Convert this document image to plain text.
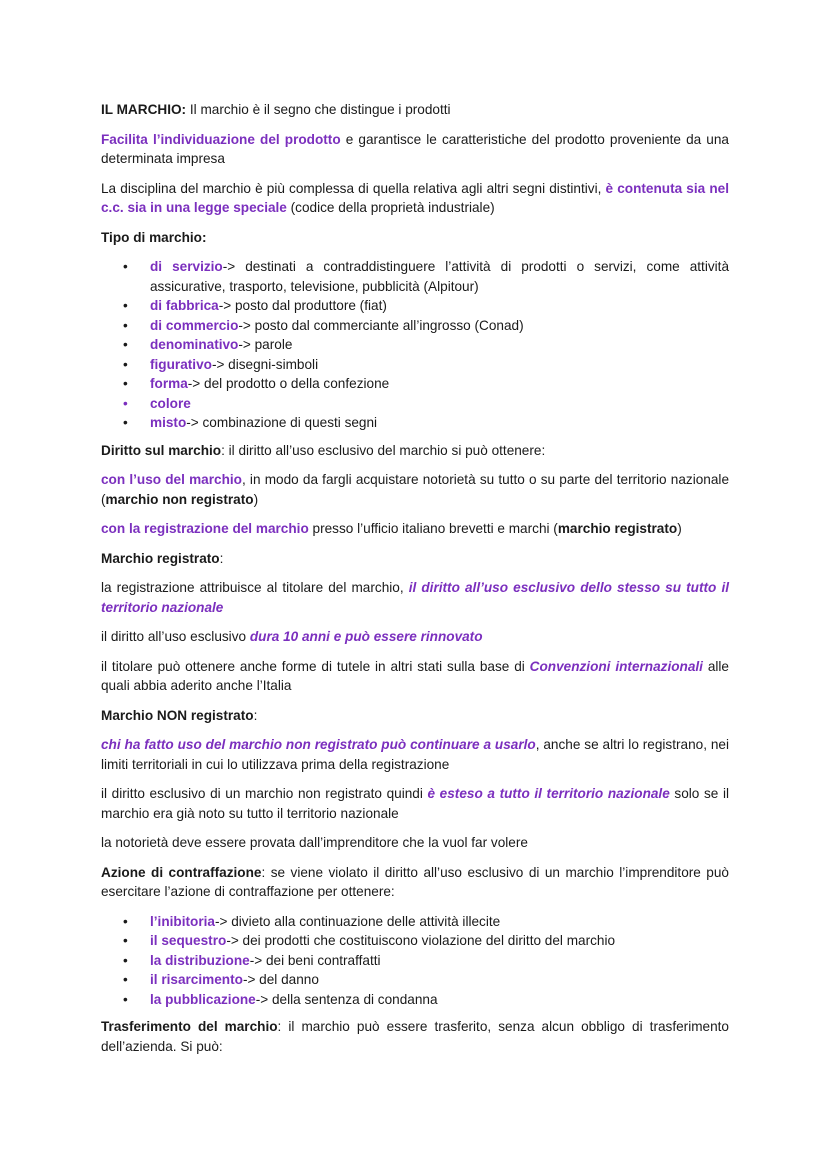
IL MARCHIO: Il marchio è il segno che distingue i prodotti

Facilita l’individuazione del prodotto e garantisce le caratteristiche del prodotto proveniente da una determinata impresa

La disciplina del marchio è più complessa di quella relativa agli altri segni distintivi, è contenuta sia nel c.c. sia in una legge speciale (codice della proprietà industriale)

Tipo di marchio:

•	di servizio-> destinati a contraddistinguere l’attività di prodotti o servizi, come attività assicurative, trasporto, televisione, pubblicità (Alpitour)
•	di fabbrica-> posto dal produttore (fiat)
•	di commercio-> posto dal commerciante all’ingrosso (Conad)
•	denominativo-> parole
•	figurativo-> disegni-simboli
•	forma-> del prodotto o della confezione
•	colore
•	misto-> combinazione di questi segni

Diritto sul marchio: il diritto all’uso esclusivo del marchio si può ottenere:

con l’uso del marchio, in modo da fargli acquistare notorietà su tutto o su parte del territorio nazionale (marchio non registrato)

con la registrazione del marchio presso l’ufficio italiano brevetti e marchi (marchio registrato)

Marchio registrato:

la registrazione attribuisce al titolare del marchio, il diritto all’uso esclusivo dello stesso su tutto il territorio nazionale

il diritto all’uso esclusivo dura 10 anni e può essere rinnovato

il titolare può ottenere anche forme di tutele in altri stati sulla base di Convenzioni internazionali alle quali abbia aderito anche l’Italia

Marchio NON registrato:

chi ha fatto uso del marchio non registrato può continuare a usarlo, anche se altri lo registrano, nei limiti territoriali in cui lo utilizzava prima della registrazione

il diritto esclusivo di un marchio non registrato quindi è esteso a tutto il territorio nazionale solo se il marchio era già noto su tutto il territorio nazionale

la notorietà deve essere provata dall’imprenditore che la vuol far volere

Azione di contraffazione: se viene violato il diritto all’uso esclusivo di un marchio l’imprenditore può esercitare l’azione di contraffazione per ottenere:

•	l’inibitoria-> divieto alla continuazione delle attività illecite
•	il sequestro-> dei prodotti che costituiscono violazione del diritto del marchio
•	la distribuzione-> dei beni contraffatti
•	il risarcimento-> del danno
•	la pubblicazione-> della sentenza di condanna

Trasferimento del marchio: il marchio può essere trasferito, senza alcun obbligo di trasferimento dell’azienda. Si può:
